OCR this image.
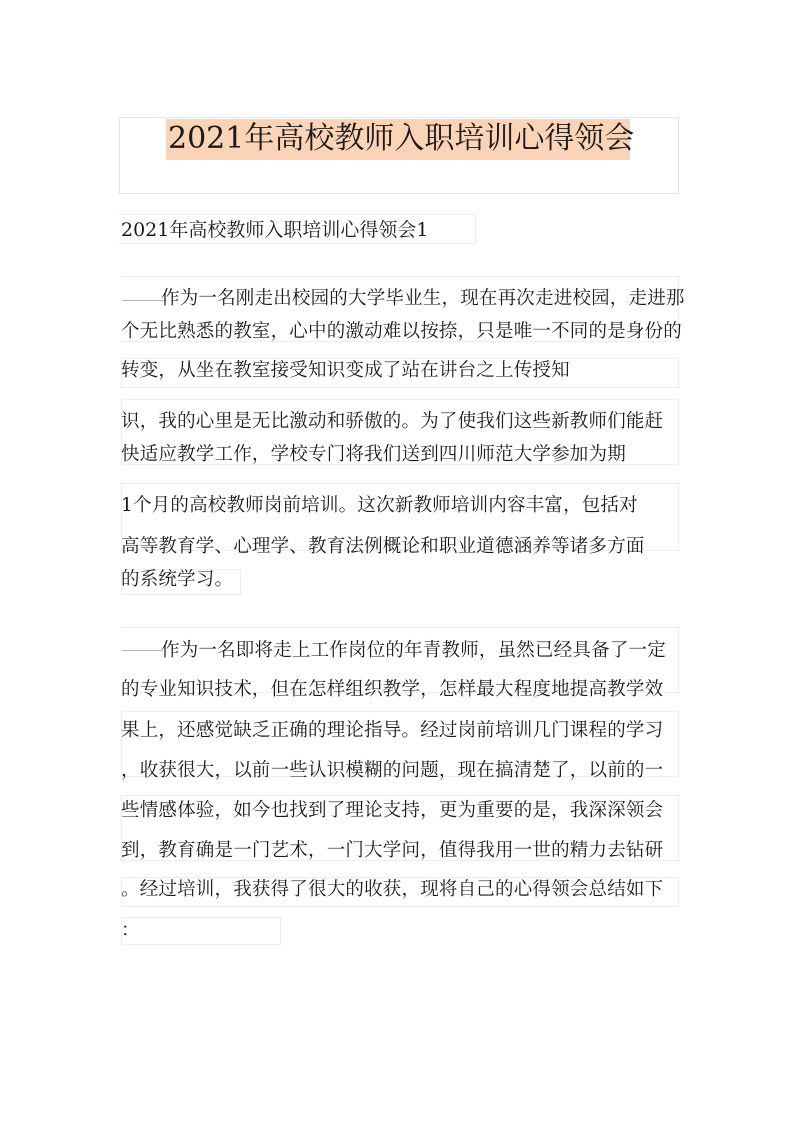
2021年高校教师入职培训心得领会
2021年高校教师入职培训心得领会1
作为一名刚走出校园的大学毕业生，现在再次走进校园，走进那
个无比熟悉的教室，心中的激动难以按捺，只是唯一不同的是身份的
转变，从坐在教室接受知识变成了站在讲台之上传授知
识，我的心里是无比激动和骄傲的。为了使我们这些新教师们能赶
快适应教学工作，学校专门将我们送到四川师范大学参加为期
1个月的高校教师岗前培训。这次新教师培训内容丰富，包括对
高等教育学、心理学、教育法例概论和职业道德涵养等诸多方面
的系统学习。
作为一名即将走上工作岗位的年青教师，虽然已经具备了一定
的专业知识技术，但在怎样组织教学，怎样最大程度地提高教学效
果上，还感觉缺乏正确的理论指导。经过岗前培训几门课程的学习
，收获很大，以前一些认识模糊的问题，现在搞清楚了，以前的一
些情感体验，如今也找到了理论支持，更为重要的是，我深深领会
到，教育确是一门艺术，一门大学问，值得我用一世的精力去钻研
。经过培训，我获得了很大的收获，现将自己的心得领会总结如下
：
